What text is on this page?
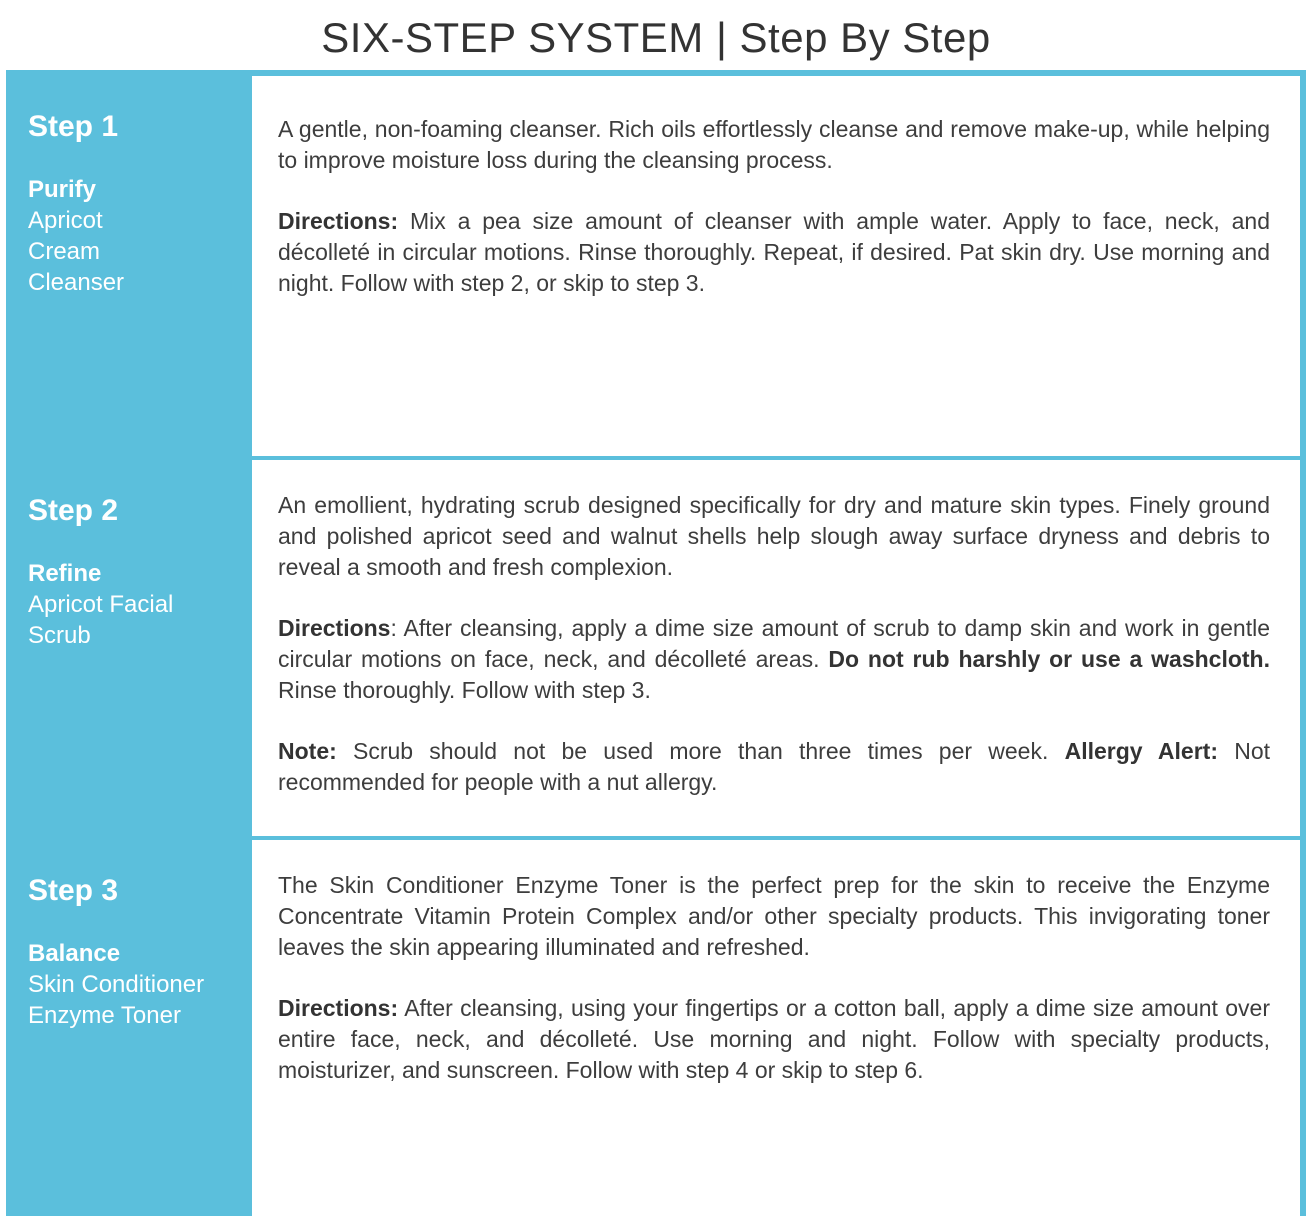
SIX-STEP SYSTEM | Step By Step
Step 1
Purify
Apricot Cream Cleanser

A gentle, non-foaming cleanser. Rich oils effortlessly cleanse and remove make-up, while helping to improve moisture loss during the cleansing process.

Directions: Mix a pea size amount of cleanser with ample water. Apply to face, neck, and décolleté in circular motions. Rinse thoroughly. Repeat, if desired. Pat skin dry. Use morning and night. Follow with step 2, or skip to step 3.

Step 2
Refine
Apricot Facial Scrub

An emollient, hydrating scrub designed specifically for dry and mature skin types. Finely ground and polished apricot seed and walnut shells help slough away surface dryness and debris to reveal a smooth and fresh complexion.

Directions: After cleansing, apply a dime size amount of scrub to damp skin and work in gentle circular motions on face, neck, and décolleté areas. Do not rub harshly or use a washcloth. Rinse thoroughly. Follow with step 3.

Note: Scrub should not be used more than three times per week. Allergy Alert: Not recommended for people with a nut allergy.

Step 3
Balance
Skin Conditioner Enzyme Toner

The Skin Conditioner Enzyme Toner is the perfect prep for the skin to receive the Enzyme Concentrate Vitamin Protein Complex and/or other specialty products. This invigorating toner leaves the skin appearing illuminated and refreshed.

Directions: After cleansing, using your fingertips or a cotton ball, apply a dime size amount over entire face, neck, and décolleté. Use morning and night. Follow with specialty products, moisturizer, and sunscreen. Follow with step 4 or skip to step 6.
